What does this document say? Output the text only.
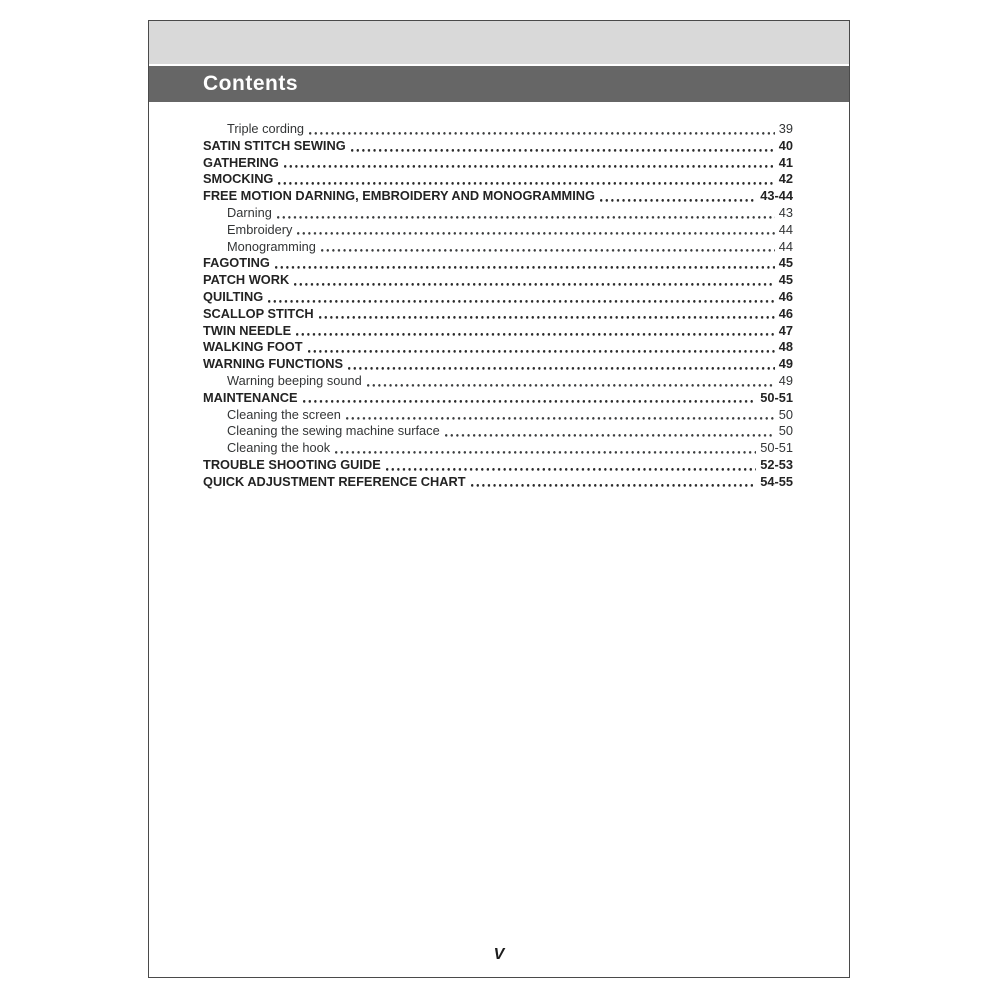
Contents
Triple cording	39
SATIN STITCH SEWING	40
GATHERING	41
SMOCKING	42
FREE MOTION DARNING, EMBROIDERY AND MONOGRAMMING	43-44
Darning	43
Embroidery	44
Monogramming	44
FAGOTING	45
PATCH WORK	45
QUILTING	46
SCALLOP STITCH	46
TWIN NEEDLE	47
WALKING FOOT	48
WARNING FUNCTIONS	49
Warning beeping sound	49
MAINTENANCE	50-51
Cleaning the screen	50
Cleaning the sewing machine surface	50
Cleaning the hook	50-51
TROUBLE SHOOTING GUIDE	52-53
QUICK ADJUSTMENT REFERENCE CHART	54-55
V
